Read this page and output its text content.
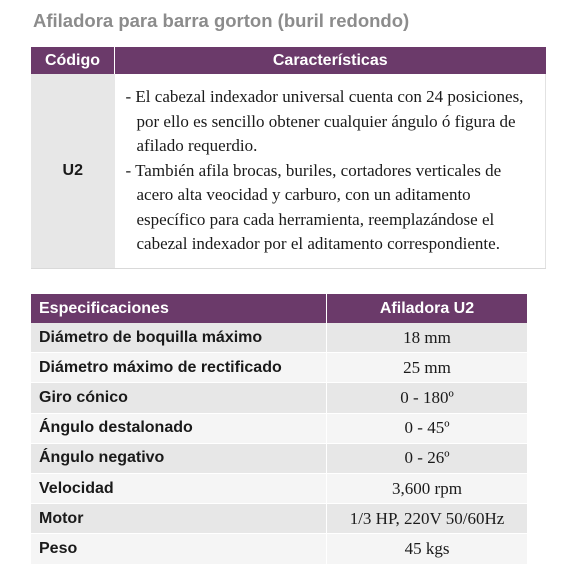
Afiladora para barra gorton (buril redondo)
Código	Características
U2	- El cabezal indexador universal cuenta con 24 posiciones, por ello es sencillo obtener cualquier ángulo ó figura de afilado requerdio.

- También afila brocas, buriles, cortadores verticales de acero alta veocidad y carburo, con un aditamento específico para cada herramienta, reemplazándose el cabezal indexador por el aditamento correspondiente.

Especificaciones	Afiladora U2
Diámetro de boquilla máximo	18 mm
Diámetro máximo de rectificado	25 mm
Giro cónico	0 - 180º
Ángulo destalonado	0 - 45º
Ángulo negativo	0 - 26º
Velocidad	3,600 rpm
Motor	1/3 HP, 220V 50/60Hz
Peso	45 kgs
